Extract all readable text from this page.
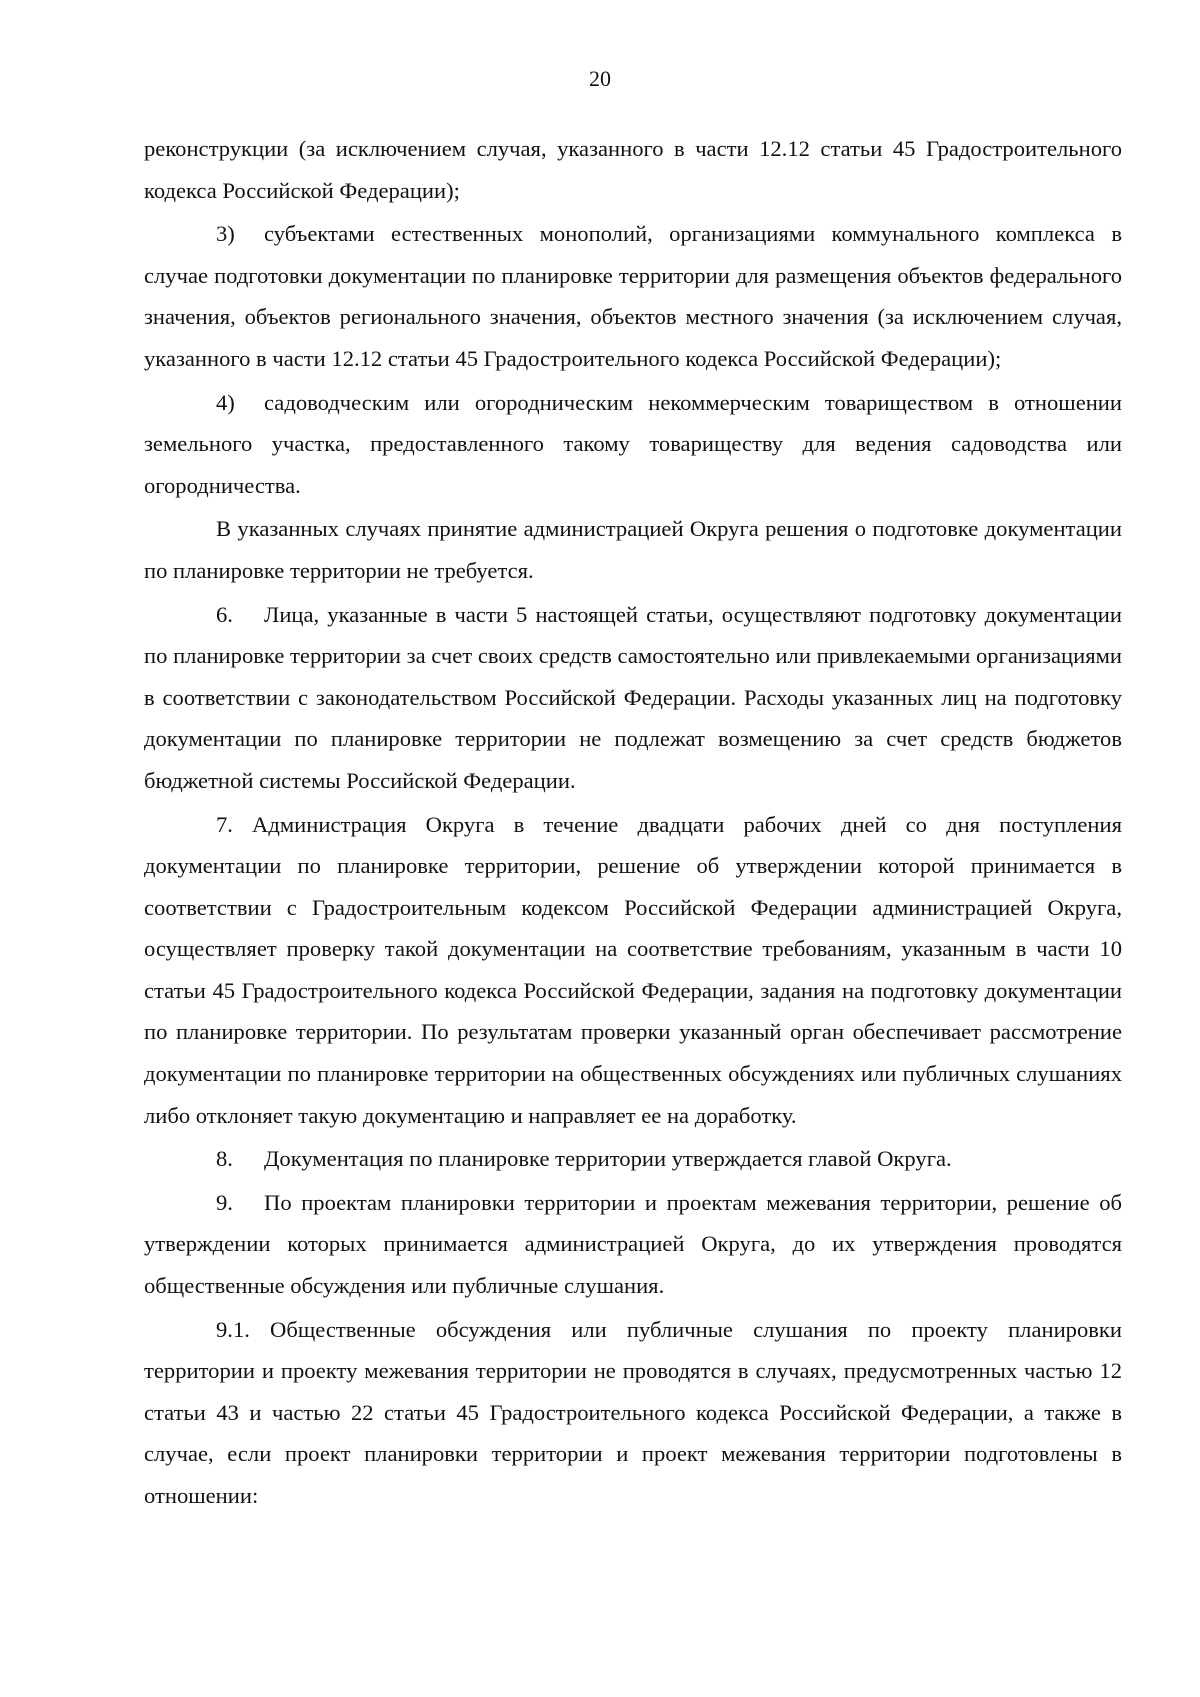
20

реконструкции (за исключением случая, указанного в части 12.12 статьи 45 Градостроительного кодекса Российской Федерации);

3) субъектами естественных монополий, организациями коммунального комплекса в случае подготовки документации по планировке территории для размещения объектов федерального значения, объектов регионального значения, объектов местного значения (за исключением случая, указанного в части 12.12 статьи 45 Градостроительного кодекса Российской Федерации);

4) садоводческим или огородническим некоммерческим товариществом в отношении земельного участка, предоставленного такому товариществу для ведения садоводства или огородничества.

В указанных случаях принятие администрацией Округа решения о подготовке документации по планировке территории не требуется.

6. Лица, указанные в части 5 настоящей статьи, осуществляют подготовку документации по планировке территории за счет своих средств самостоятельно или привлекаемыми организациями в соответствии с законодательством Российской Федерации. Расходы указанных лиц на подготовку документации по планировке территории не подлежат возмещению за счет средств бюджетов бюджетной системы Российской Федерации.

7. Администрация Округа в течение двадцати рабочих дней со дня поступления документации по планировке территории, решение об утверждении которой принимается в соответствии с Градостроительным кодексом Российской Федерации администрацией Округа, осуществляет проверку такой документации на соответствие требованиям, указанным в части 10 статьи 45 Градостроительного кодекса Российской Федерации, задания на подготовку документации по планировке территории. По результатам проверки указанный орган обеспечивает рассмотрение документации по планировке территории на общественных обсуждениях или публичных слушаниях либо отклоняет такую документацию и направляет ее на доработку.

8. Документация по планировке территории утверждается главой Округа.

9. По проектам планировки территории и проектам межевания территории, решение об утверждении которых принимается администрацией Округа, до их утверждения проводятся общественные обсуждения или публичные слушания.

9.1. Общественные обсуждения или публичные слушания по проекту планировки территории и проекту межевания территории не проводятся в случаях, предусмотренных частью 12 статьи 43 и частью 22 статьи 45 Градостроительного кодекса Российской Федерации, а также в случае, если проект планировки территории и проект межевания территории подготовлены в отношении:
